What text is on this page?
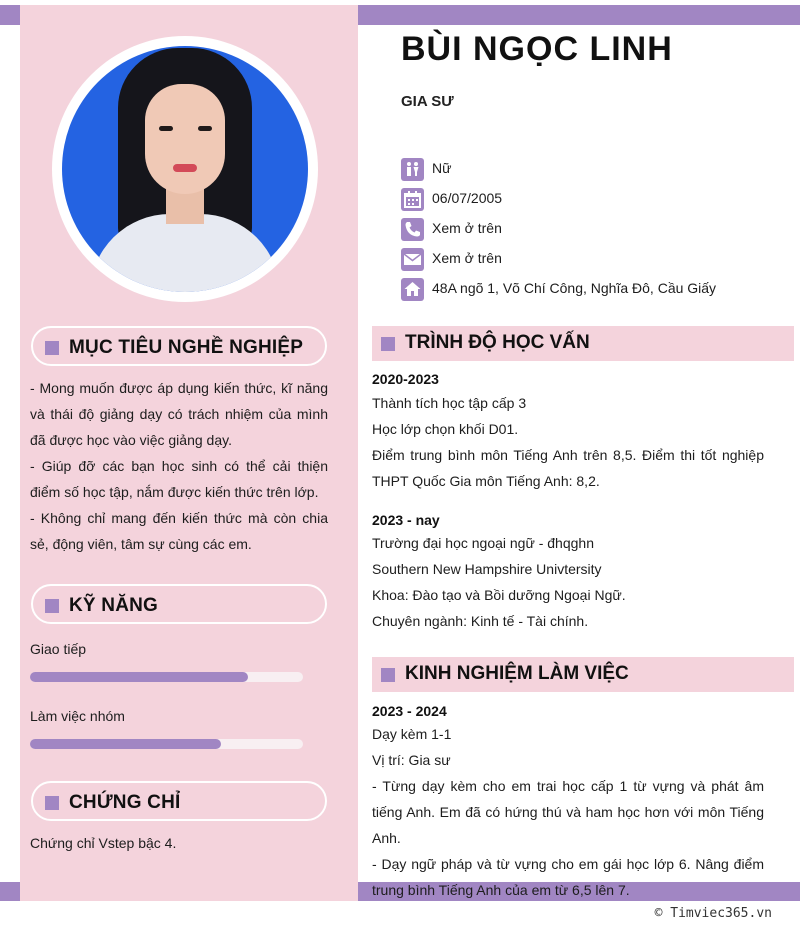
MỤC TIÊU NGHỀ NGHIỆP
- Mong muốn được áp dụng kiến thức, kĩ năng và thái độ giảng dạy có trách nhiệm của mình đã được học vào việc giảng dạy.
- Giúp đỡ các bạn học sinh có thể cải thiện điểm số học tập, nắm được kiến thức trên lớp.
- Không chỉ mang đến kiến thức mà còn chia sẻ, động viên, tâm sự cùng các em.
KỸ NĂNG
Giao tiếp
Làm việc nhóm
CHỨNG CHỈ
Chứng chỉ Vstep bậc 4.
BÙI NGỌC LINH
GIA SƯ
Nữ
06/07/2005
Xem ở trên
Xem ở trên
48A ngõ 1, Võ Chí Công, Nghĩa Đô, Cầu Giấy
TRÌNH ĐỘ HỌC VẤN
2020-2023
Thành tích học tập cấp 3
Học lớp chọn khối D01.
Điểm trung bình môn Tiếng Anh trên 8,5. Điểm thi tốt nghiệp THPT Quốc Gia môn Tiếng Anh: 8,2.
2023 - nay
Trường đại học ngoại ngữ - đhqghn
Southern New Hampshire Univtersity
Khoa: Đào tạo và Bồi dưỡng Ngoại Ngữ.
Chuyên ngành: Kinh tế - Tài chính.
KINH NGHIỆM LÀM VIỆC
2023 - 2024
Dạy kèm 1-1
Vị trí: Gia sư
- Từng dạy kèm cho em trai học cấp 1 từ vựng và phát âm tiếng Anh. Em đã có hứng thú và ham học hơn với môn Tiếng Anh.
- Dạy ngữ pháp và từ vựng cho em gái học lớp 6. Nâng điểm trung bình Tiếng Anh của em từ 6,5 lên 7.
© Timviec365.vn
